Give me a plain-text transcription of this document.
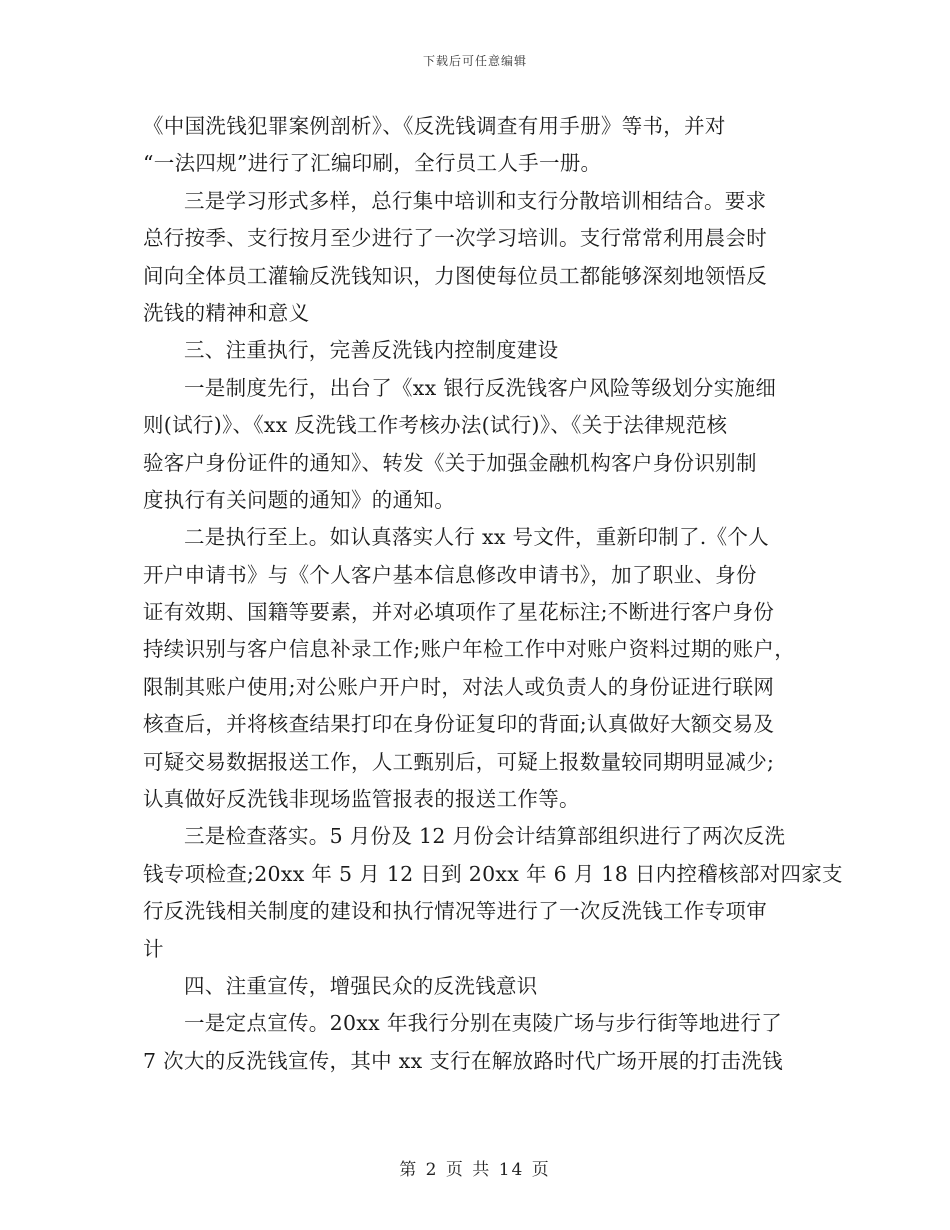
下载后可任意编辑
《中国洗钱犯罪案例剖析》、《反洗钱调查有用手册》等书，并对
“一法四规”进行了汇编印刷，全行员工人手一册。
三是学习形式多样，总行集中培训和支行分散培训相结合。要求
总行按季、支行按月至少进行了一次学习培训。支行常常利用晨会时
间向全体员工灌输反洗钱知识，力图使每位员工都能够深刻地领悟反
洗钱的精神和意义
三、注重执行，完善反洗钱内控制度建设
一是制度先行，出台了《xx 银行反洗钱客户风险等级划分实施细
则(试行)》、《xx 反洗钱工作考核办法(试行)》、《关于法律规范核
验客户身份证件的通知》、转发《关于加强金融机构客户身份识别制
度执行有关问题的通知》的通知。
二是执行至上。如认真落实人行 xx 号文件，重新印制了.《个人
开户申请书》与《个人客户基本信息修改申请书》，加了职业、身份
证有效期、国籍等要素，并对必填项作了星花标注;不断进行客户身份
持续识别与客户信息补录工作;账户年检工作中对账户资料过期的账户，
限制其账户使用;对公账户开户时，对法人或负责人的身份证进行联网
核查后，并将核查结果打印在身份证复印的背面;认真做好大额交易及
可疑交易数据报送工作，人工甄别后，可疑上报数量较同期明显减少;
认真做好反洗钱非现场监管报表的报送工作等。
三是检查落实。5 月份及 12 月份会计结算部组织进行了两次反洗
钱专项检查;20xx 年 5 月 12 日到 20xx 年 6 月 18 日内控稽核部对四家支
行反洗钱相关制度的建设和执行情况等进行了一次反洗钱工作专项审
计
四、注重宣传，增强民众的反洗钱意识
一是定点宣传。20xx 年我行分别在夷陵广场与步行街等地进行了
7 次大的反洗钱宣传，其中 xx 支行在解放路时代广场开展的打击洗钱
第 2 页 共 14 页
